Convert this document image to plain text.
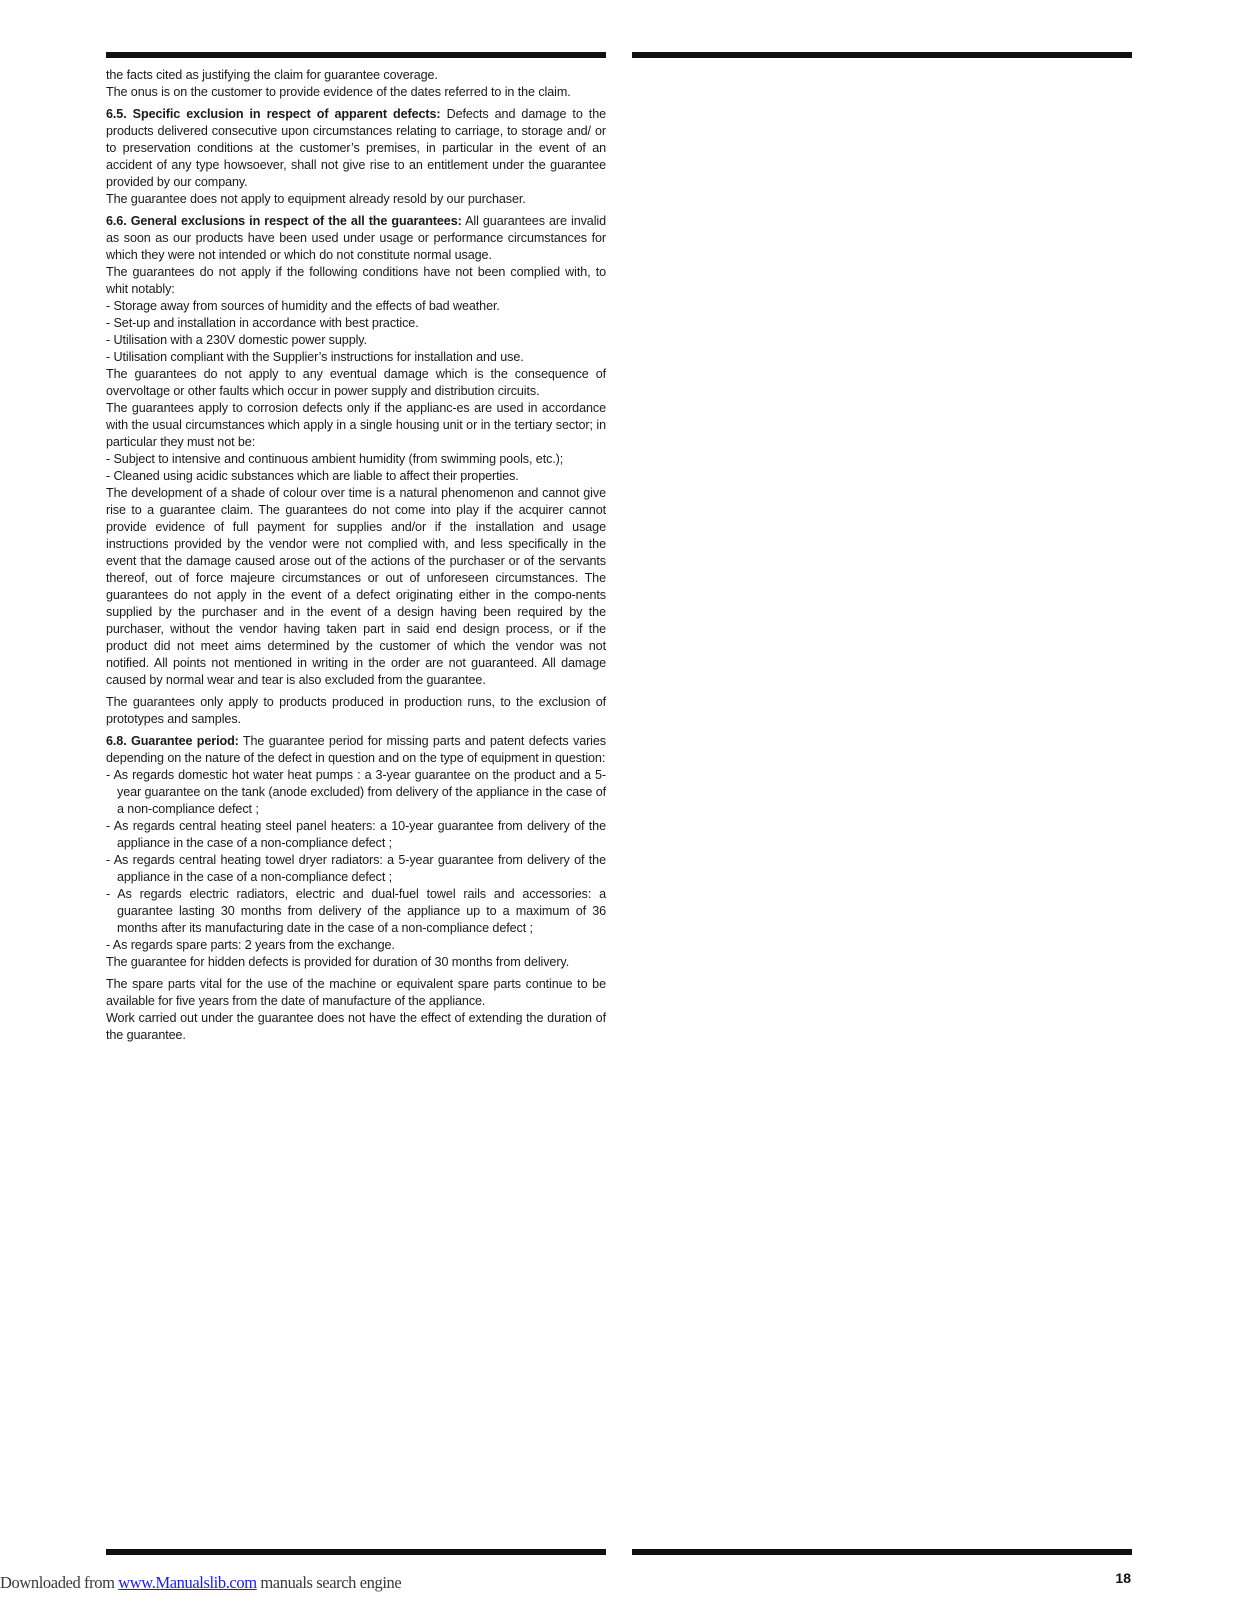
the facts cited as justifying the claim for guarantee coverage.

The onus is on the customer to provide evidence of the dates referred to in the claim.

6.5. Specific exclusion in respect of apparent defects: Defects and damage to the products delivered consecutive upon circumstances relating to carriage, to storage and/ or to preservation conditions at the customer’s premises, in particular in the event of an accident of any type howsoever, shall not give rise to an entitlement under the guarantee provided by our company.

The guarantee does not apply to equipment already resold by our purchaser.

6.6. General exclusions in respect of the all the guarantees: All guarantees are invalid as soon as our products have been used under usage or performance circumstances for which they were not intended or which do not constitute normal usage.

The guarantees do not apply if the following conditions have not been complied with, to whit notably:

- Storage away from sources of humidity and the effects of bad weather.
- Set-up and installation in accordance with best practice.
- Utilisation with a 230V domestic power supply.
- Utilisation compliant with the Supplier’s instructions for installation and use.

The guarantees do not apply to any eventual damage which is the consequence of overvoltage or other faults which occur in power supply and distribution circuits.

The guarantees apply to corrosion defects only if the applianc-es are used in accordance with the usual circumstances which apply in a single housing unit or in the tertiary sector; in particular they must not be:

- Subject to intensive and continuous ambient humidity (from swimming pools, etc.);
- Cleaned using acidic substances which are liable to affect their properties.

The development of a shade of colour over time is a natural phenomenon and cannot give rise to a guarantee claim. The guarantees do not come into play if the acquirer cannot provide evidence of full payment for supplies and/or if the installation and usage instructions provided by the vendor were not complied with, and less specifically in the event that the damage caused arose out of the actions of the purchaser or of the servants thereof, out of force majeure circumstances or out of unforeseen circumstances. The guarantees do not apply in the event of a defect originating either in the compo-nents supplied by the purchaser and in the event of a design having been required by the purchaser, without the vendor having taken part in said end design process, or if the product did not meet aims determined by the customer of which the vendor was not notified. All points not mentioned in writing in the order are not guaranteed. All damage caused by normal wear and tear is also excluded from the guarantee.

The guarantees only apply to products produced in production runs, to the exclusion of prototypes and samples.

6.8. Guarantee period: The guarantee period for missing parts and patent defects varies depending on the nature of the defect in question and on the type of equipment in question:

- As regards domestic hot water heat pumps : a 3-year guarantee on the product and a 5-year guarantee on the tank (anode excluded) from delivery of the appliance in the case of a non-compliance defect ;
- As regards central heating steel panel heaters: a 10-year guarantee from delivery of the appliance in the case of a non-compliance defect ;
- As regards central heating towel dryer radiators: a 5-year guarantee from delivery of the appliance in the case of a non-compliance defect ;
- As regards electric radiators, electric and dual-fuel towel rails and accessories: a guarantee lasting 30 months from delivery of the appliance up to a maximum of 36 months after its manufacturing date in the case of a non-compliance defect ;
- As regards spare parts: 2 years from the exchange.

The guarantee for hidden defects is provided for duration of 30 months from delivery.

The spare parts vital for the use of the machine or equivalent spare parts continue to be available for five years from the date of manufacture of the appliance.

Work carried out under the guarantee does not have the effect of extending the duration of the guarantee.

Downloaded from www.Manualslib.com manuals search engine	18
